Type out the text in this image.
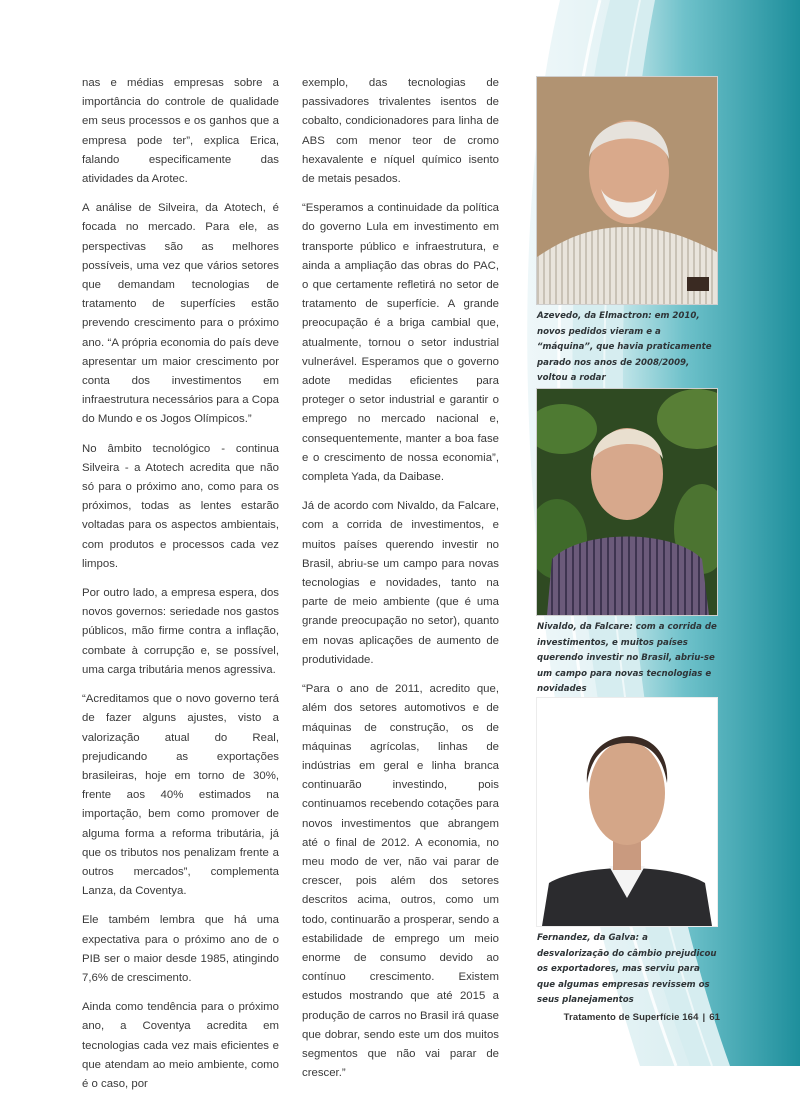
nas e médias empresas sobre a importância do controle de qualidade em seus processos e os ganhos que a empresa pode ter”, explica Erica, falando especificamente das atividades da Arotec.

A análise de Silveira, da Atotech, é focada no mercado. Para ele, as perspectivas são as melhores possíveis, uma vez que vários setores que demandam tecnologias de tratamento de superfícies estão prevendo crescimento para o próximo ano. “A própria economia do país deve apresentar um maior crescimento por conta dos investimentos em infraestrutura necessários para a Copa do Mundo e os Jogos Olímpicos.”

No âmbito tecnológico - continua Silveira - a Atotech acredita que não só para o próximo ano, como para os próximos, todas as lentes estarão voltadas para os aspectos ambientais, com produtos e processos cada vez limpos.

Por outro lado, a empresa espera, dos novos governos: seriedade nos gastos públicos, mão firme contra a inflação, combate à corrupção e, se possível, uma carga tributária menos agressiva.

“Acreditamos que o novo governo terá de fazer alguns ajustes, visto a valorização atual do Real, prejudicando as exportações brasileiras, hoje em torno de 30%, frente aos 40% estimados na importação, bem como promover de alguma forma a reforma tributária, já que os tributos nos penalizam frente a outros mercados”, complementa Lanza, da Coventya.

Ele também lembra que há uma expectativa para o próximo ano de o PIB ser o maior desde 1985, atingindo 7,6% de crescimento.

Ainda como tendência para o próximo ano, a Coventya acredita em tecnologias cada vez mais eficientes e que atendam ao meio ambiente, como é o caso, por

exemplo, das tecnologias de passivadores trivalentes isentos de cobalto, condicionadores para linha de ABS com menor teor de cromo hexavalente e níquel químico isento de metais pesados.

“Esperamos a continuidade da política do governo Lula em investimento em transporte público e infraestrutura, e ainda a ampliação das obras do PAC, o que certamente refletirá no setor de tratamento de superfície. A grande preocupação é a briga cambial que, atualmente, tornou o setor industrial vulnerável. Esperamos que o governo adote medidas eficientes para proteger o setor industrial e garantir o emprego no mercado nacional e, consequentemente, manter a boa fase e o crescimento de nossa economia”, completa Yada, da Daibase.

Já de acordo com Nivaldo, da Falcare, com a corrida de investimentos, e muitos países querendo investir no Brasil, abriu-se um campo para novas tecnologias e novidades, tanto na parte de meio ambiente (que é uma grande preocupação no setor), quanto em novas aplicações de aumento de produtividade.

“Para o ano de 2011, acredito que, além dos setores automotivos e de máquinas de construção, os de máquinas agrícolas, linhas de indústrias em geral e linha branca continuarão investindo, pois continuamos recebendo cotações para novos investimentos que abrangem até o final de 2012. A economia, no meu modo de ver, não vai parar de crescer, pois além dos setores descritos acima, outros, como um todo, continuarão a prosperar, sendo a estabilidade de emprego um meio enorme de consumo devido ao contínuo crescimento. Existem estudos mostrando que até 2015 a produção de carros no Brasil irá quase que dobrar, sendo este um dos muitos segmentos que não vai parar de crescer.”

Azevedo, da Elmactron: em 2010, novos pedidos vieram e a “máquina”, que havia praticamente parado nos anos de 2008/2009, voltou a rodar
Nivaldo, da Falcare: com a corrida de investimentos, e muitos países querendo investir no Brasil, abriu-se um campo para novas tecnologias e novidades
Fernandez, da Galva: a desvalorização do câmbio prejudicou os exportadores, mas serviu para que algumas empresas revissem os seus planejamentos
Tratamento de Superfície 164 | 61
